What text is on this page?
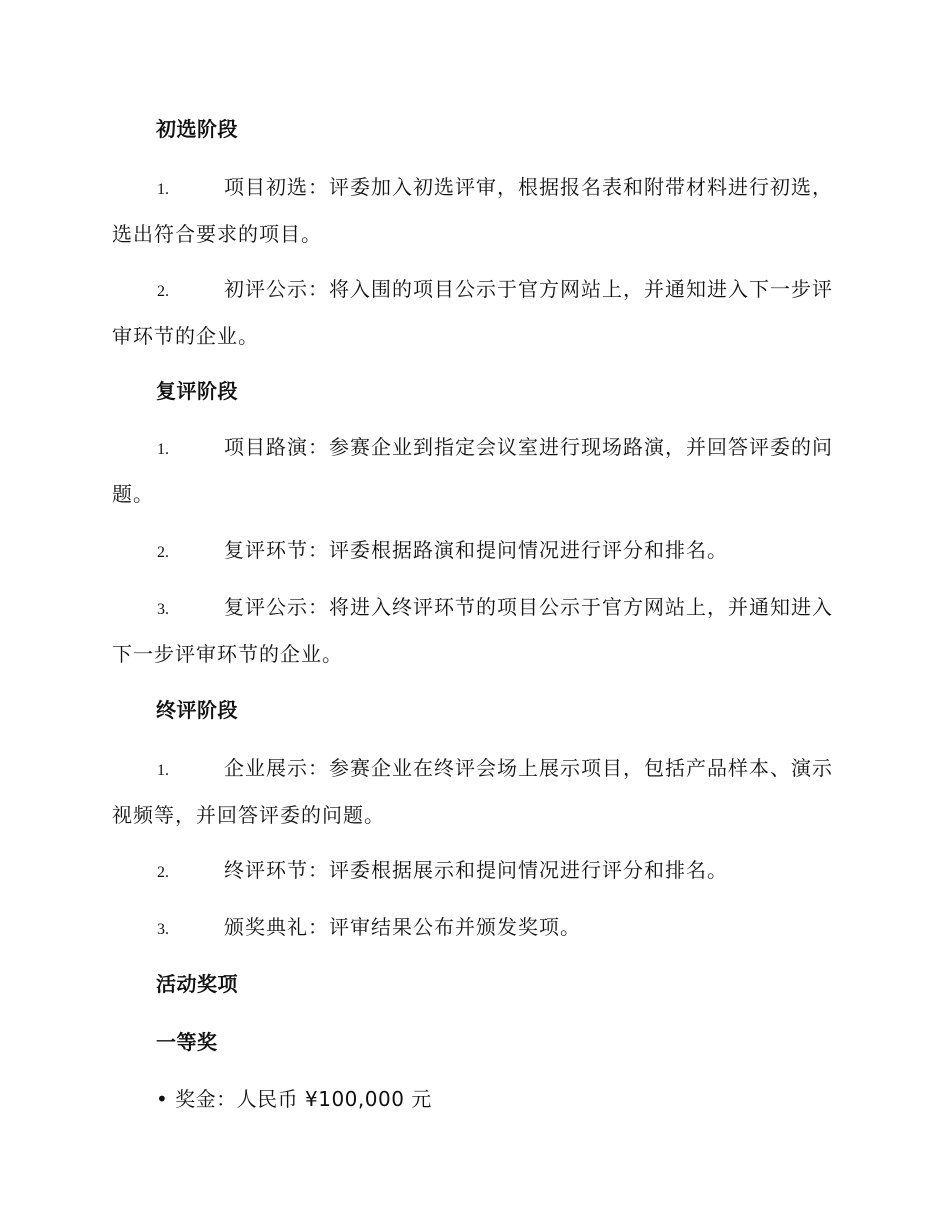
初选阶段
1.	项目初选：评委加入初选评审，根据报名表和附带材料进行初选，选出符合要求的项目。
2.	初评公示：将入围的项目公示于官方网站上，并通知进入下一步评审环节的企业。
复评阶段
1.	项目路演：参赛企业到指定会议室进行现场路演，并回答评委的问题。
2.	复评环节：评委根据路演和提问情况进行评分和排名。
3.	复评公示：将进入终评环节的项目公示于官方网站上，并通知进入下一步评审环节的企业。
终评阶段
1.	企业展示：参赛企业在终评会场上展示项目，包括产品样本、演示视频等，并回答评委的问题。
2.	终评环节：评委根据展示和提问情况进行评分和排名。
3.	颁奖典礼：评审结果公布并颁发奖项。
活动奖项
一等奖
• 奖金：人民币 ¥100,000 元
